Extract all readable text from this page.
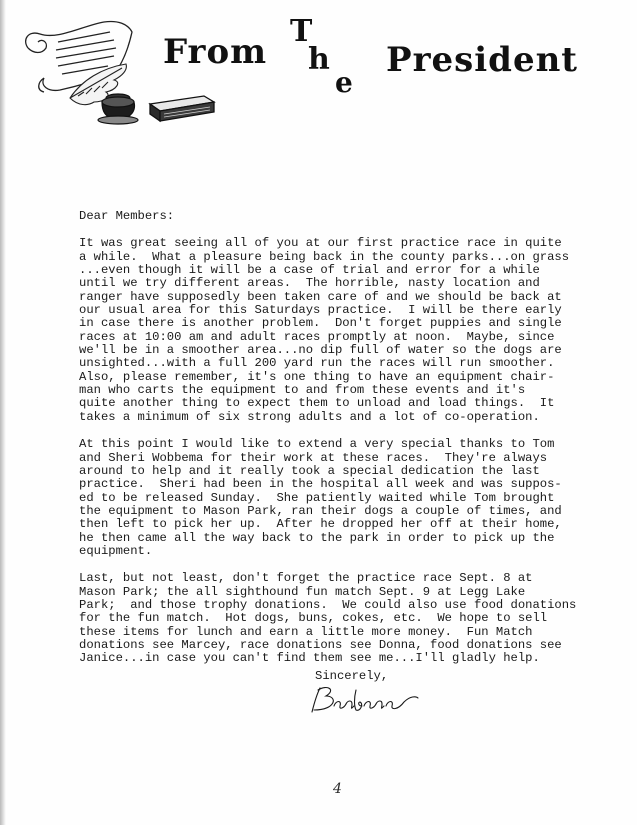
From
T
h
e
President
Dear Members:
It was great seeing all of you at our first practice race in quite
a while.  What a pleasure being back in the county parks...on grass
...even though it will be a case of trial and error for a while
until we try different areas.  The horrible, nasty location and
ranger have supposedly been taken care of and we should be back at
our usual area for this Saturdays practice.  I will be there early
in case there is another problem.  Don't forget puppies and single
races at 10:00 am and adult races promptly at noon.  Maybe, since
we'll be in a smoother area...no dip full of water so the dogs are
unsighted...with a full 200 yard run the races will run smoother.
Also, please remember, it's one thing to have an equipment chair-
man who carts the equipment to and from these events and it's
quite another thing to expect them to unload and load things.  It
takes a minimum of six strong adults and a lot of co-operation.
At this point I would like to extend a very special thanks to Tom
and Sheri Wobbema for their work at these races.  They're always
around to help and it really took a special dedication the last
practice.  Sheri had been in the hospital all week and was suppos-
ed to be released Sunday.  She patiently waited while Tom brought
the equipment to Mason Park, ran their dogs a couple of times, and
then left to pick her up.  After he dropped her off at their home,
he then came all the way back to the park in order to pick up the
equipment.
Last, but not least, don't forget the practice race Sept. 8 at
Mason Park; the all sighthound fun match Sept. 9 at Legg Lake
Park;  and those trophy donations.  We could also use food donations
for the fun match.  Hot dogs, buns, cokes, etc.  We hope to sell
these items for lunch and earn a little more money.  Fun Match
donations see Marcey, race donations see Donna, food donations see
Janice...in case you can't find them see me...I'll gladly help.
Sincerely,
4
